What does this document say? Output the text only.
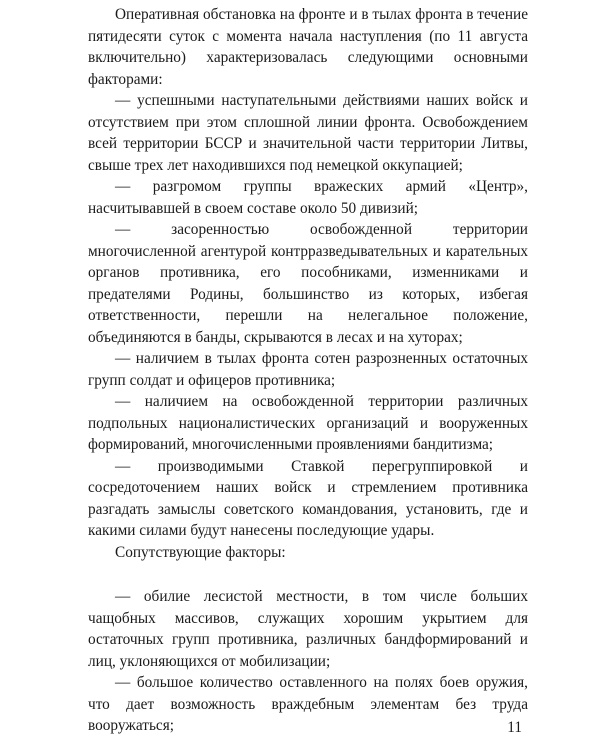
Оперативная обстановка на фронте и в тылах фронта в течение пятидесяти суток с момента начала наступления (по 11 августа включительно) характеризовалась следующими основными факторами:

— успешными наступательными действиями наших войск и отсутствием при этом сплошной линии фронта. Освобождением всей территории БССР и значительной части территории Литвы, свыше трех лет находившихся под немецкой оккупацией;

— разгромом группы вражеских армий «Центр», насчитывавшей в своем составе около 50 дивизий;

— засоренностью освобожденной территории многочисленной агентурой контрразведывательных и карательных органов противника, его пособниками, изменниками и предателями Родины, большинство из которых, избегая ответственности, перешли на нелегальное положение, объединяются в банды, скрываются в лесах и на хуторах;

— наличием в тылах фронта сотен разрозненных остаточных групп солдат и офицеров противника;

— наличием на освобожденной территории различных подпольных националистических организаций и вооруженных формирований, многочисленными проявлениями бандитизма;

— производимыми Ставкой перегруппировкой и сосредоточением наших войск и стремлением противника разгадать замыслы советского командования, установить, где и какими силами будут нанесены последующие удары.

Сопутствующие факторы:

— обилие лесистой местности, в том числе больших чащобных массивов, служащих хорошим укрытием для остаточных групп противника, различных бандформирований и лиц, уклоняющихся от мобилизации;

— большое количество оставленного на полях боев оружия, что дает возможность враждебным элементам без труда вооружаться;	11
